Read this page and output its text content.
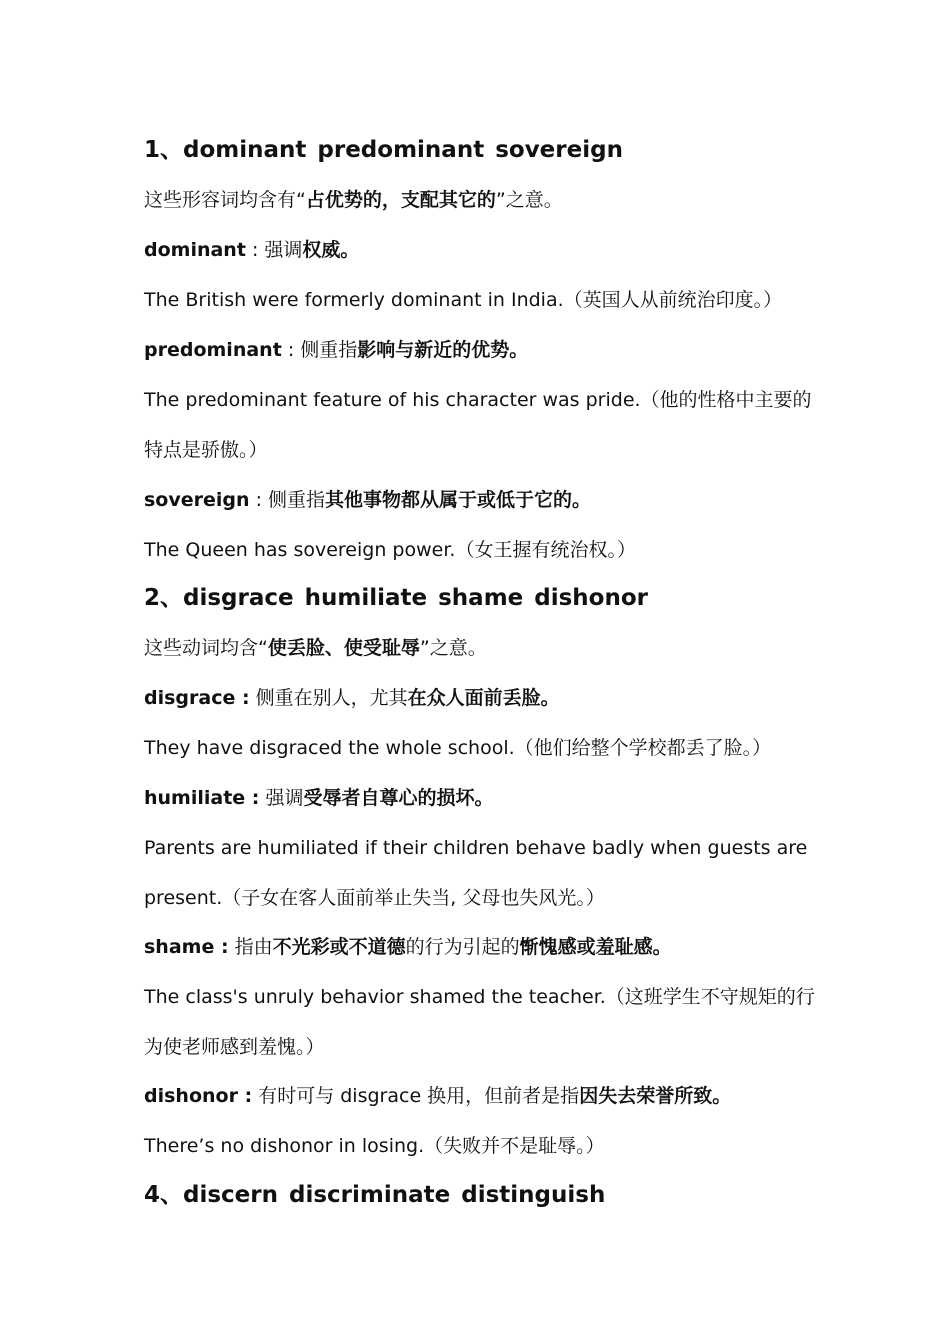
1、dominant predominant sovereign
这些形容词均含有“占优势的，支配其它的”之意。
dominant : 强调权威。
The British were formerly dominant in India.（英国人从前统治印度。）
predominant : 侧重指影响与新近的优势。
The predominant feature of his character was pride.（他的性格中主要的
特点是骄傲。）
sovereign : 侧重指其他事物都从属于或低于它的。
The Queen has sovereign power.（女王握有统治权。）
2、disgrace humiliate shame dishonor
这些动词均含“使丢脸、使受耻辱”之意。
disgrace : 侧重在别人，尤其在众人面前丢脸。
They have disgraced the whole school.（他们给整个学校都丢了脸。）
humiliate : 强调受辱者自尊心的损坏。
Parents are humiliated if their children behave badly when guests are
present.（子女在客人面前举止失当, 父母也失风光。）
shame : 指由不光彩或不道德的行为引起的惭愧感或羞耻感。
The class's unruly behavior shamed the teacher.（这班学生不守规矩的行
为使老师感到羞愧。）
dishonor : 有时可与 disgrace 换用，但前者是指因失去荣誉所致。
There’s no dishonor in losing.（失败并不是耻辱。）
4、discern discriminate distinguish
